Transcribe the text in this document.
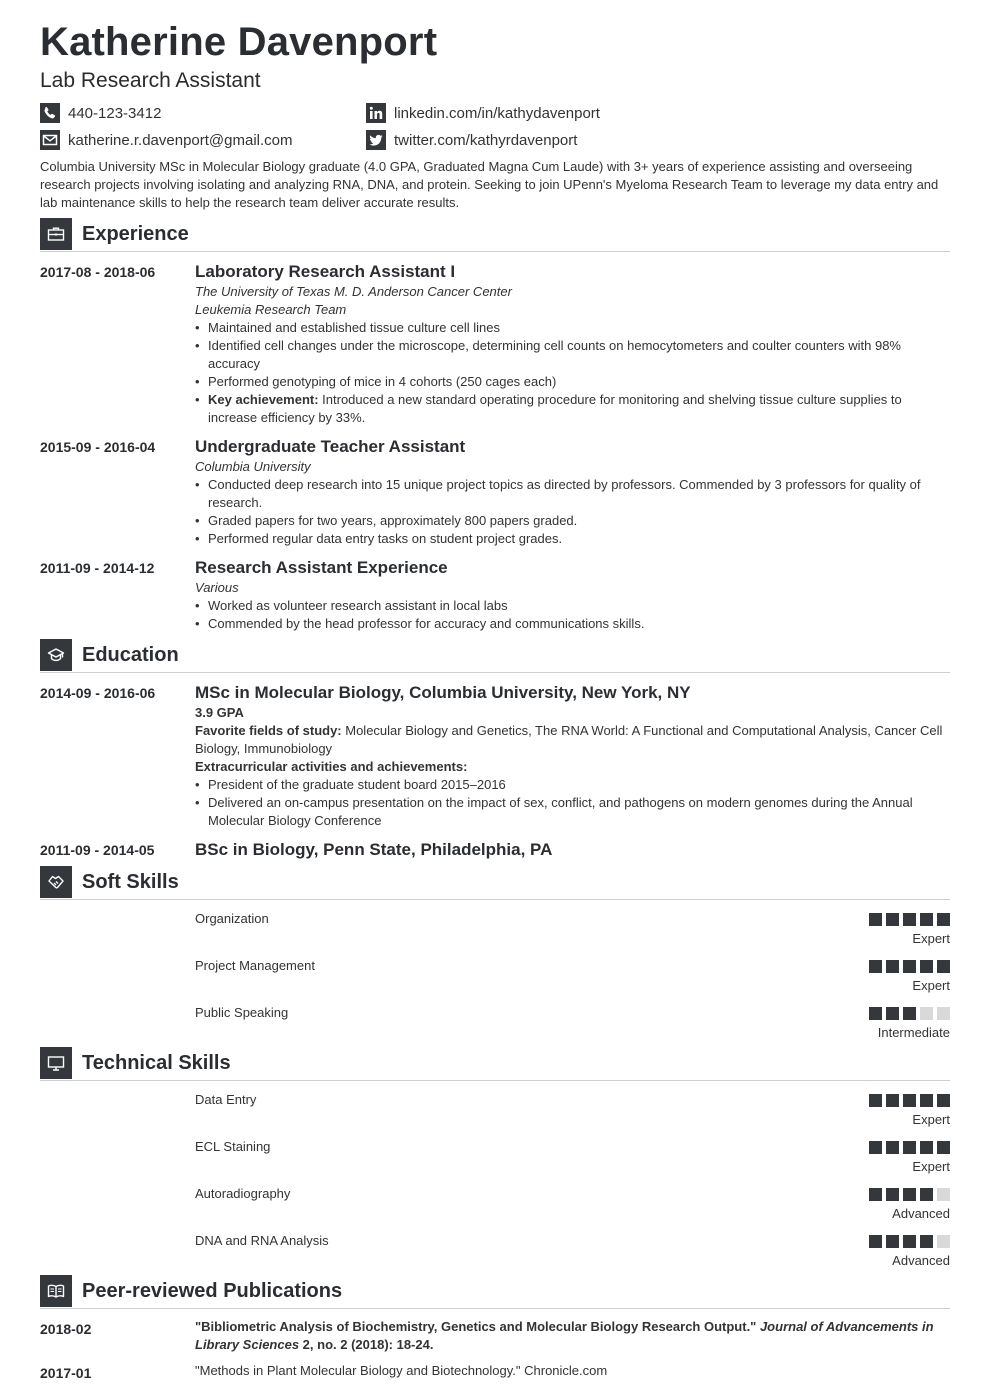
Katherine Davenport
Lab Research Assistant
440-123-3412
katherine.r.davenport@gmail.com
linkedin.com/in/kathydavenport
twitter.com/kathyrdavenport
Columbia University MSc in Molecular Biology graduate (4.0 GPA, Graduated Magna Cum Laude) with 3+ years of experience assisting and overseeing research projects involving isolating and analyzing RNA, DNA, and protein. Seeking to join UPenn's Myeloma Research Team to leverage my data entry and lab maintenance skills to help the research team deliver accurate results.
Experience
2017-08 - 2018-06 Laboratory Research Assistant I
The University of Texas M. D. Anderson Cancer Center
Leukemia Research Team
• Maintained and established tissue culture cell lines
• Identified cell changes under the microscope, determining cell counts on hemocytometers and coulter counters with 98% accuracy
• Performed genotyping of mice in 4 cohorts (250 cages each)
• Key achievement: Introduced a new standard operating procedure for monitoring and shelving tissue culture supplies to increase efficiency by 33%.
2015-09 - 2016-04 Undergraduate Teacher Assistant
Columbia University
• Conducted deep research into 15 unique project topics as directed by professors. Commended by 3 professors for quality of research.
• Graded papers for two years, approximately 800 papers graded.
• Performed regular data entry tasks on student project grades.
2011-09 - 2014-12 Research Assistant Experience
Various
• Worked as volunteer research assistant in local labs
• Commended by the head professor for accuracy and communications skills.
Education
2014-09 - 2016-06 MSc in Molecular Biology, Columbia University, New York, NY
3.9 GPA
Favorite fields of study: Molecular Biology and Genetics, The RNA World: A Functional and Computational Analysis, Cancer Cell Biology, Immunobiology
Extracurricular activities and achievements:
• President of the graduate student board 2015–2016
• Delivered an on-campus presentation on the impact of sex, conflict, and pathogens on modern genomes during the Annual Molecular Biology Conference
2011-09 - 2014-05 BSc in Biology, Penn State, Philadelphia, PA
Soft Skills
Organization
Expert
Project Management
Expert
Public Speaking
Intermediate
Technical Skills
Data Entry
Expert
ECL Staining
Expert
Autoradiography
Advanced
DNA and RNA Analysis
Advanced
Peer-reviewed Publications
2018-02	"Bibliometric Analysis of Biochemistry, Genetics and Molecular Biology Research Output." Journal of Advancements in Library Sciences 2, no. 2 (2018): 18-24.
2017-01	"Methods in Plant Molecular Biology and Biotechnology." Chronicle.com
